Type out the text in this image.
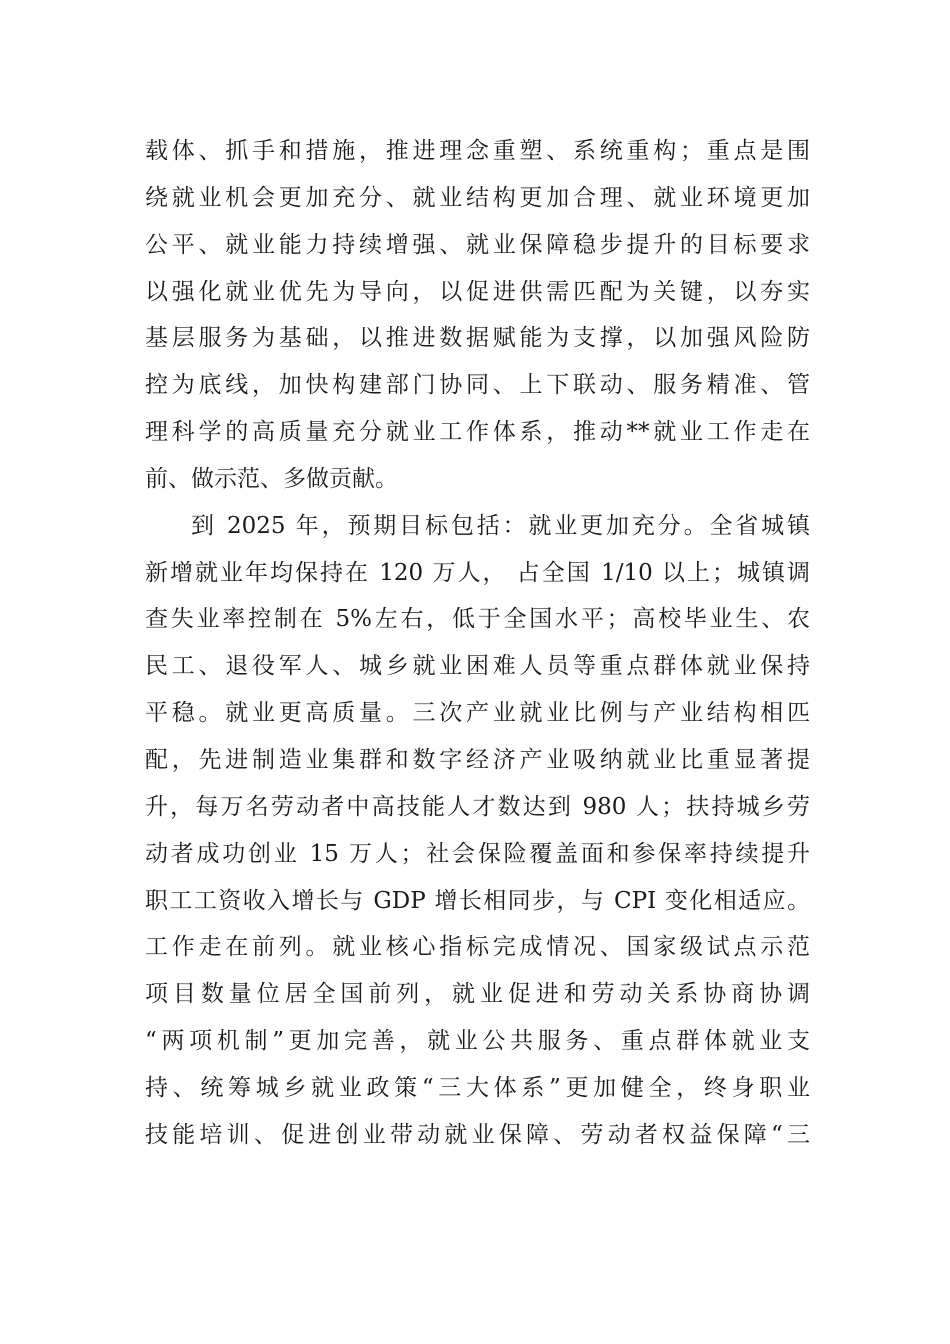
载体、抓手和措施，推进理念重塑、系统重构；重点是围
绕就业机会更加充分、就业结构更加合理、就业环境更加
公平、就业能力持续增强、就业保障稳步提升的目标要求
以强化就业优先为导向，以促进供需匹配为关键，以夯实
基层服务为基础，以推进数据赋能为支撑，以加强风险防
控为底线，加快构建部门协同、上下联动、服务精准、管
理科学的高质量充分就业工作体系，推动**就业工作走在
前、做示范、多做贡献。
到 2025 年，预期目标包括：就业更加充分。全省城镇
新增就业年均保持在 120 万人， 占全国 1/10 以上；城镇调
查失业率控制在 5%左右，低于全国水平；高校毕业生、农
民工、退役军人、城乡就业困难人员等重点群体就业保持
平稳。就业更高质量。三次产业就业比例与产业结构相匹
配，先进制造业集群和数字经济产业吸纳就业比重显著提
升，每万名劳动者中高技能人才数达到 980 人；扶持城乡劳
动者成功创业 15 万人；社会保险覆盖面和参保率持续提升
职工工资收入增长与 GDP 增长相同步，与 CPI 变化相适应。
工作走在前列。就业核心指标完成情况、国家级试点示范
项目数量位居全国前列，就业促进和劳动关系协商协调
“两项机制”更加完善，就业公共服务、重点群体就业支
持、统筹城乡就业政策“三大体系”更加健全，终身职业
技能培训、促进创业带动就业保障、劳动者权益保障“三
